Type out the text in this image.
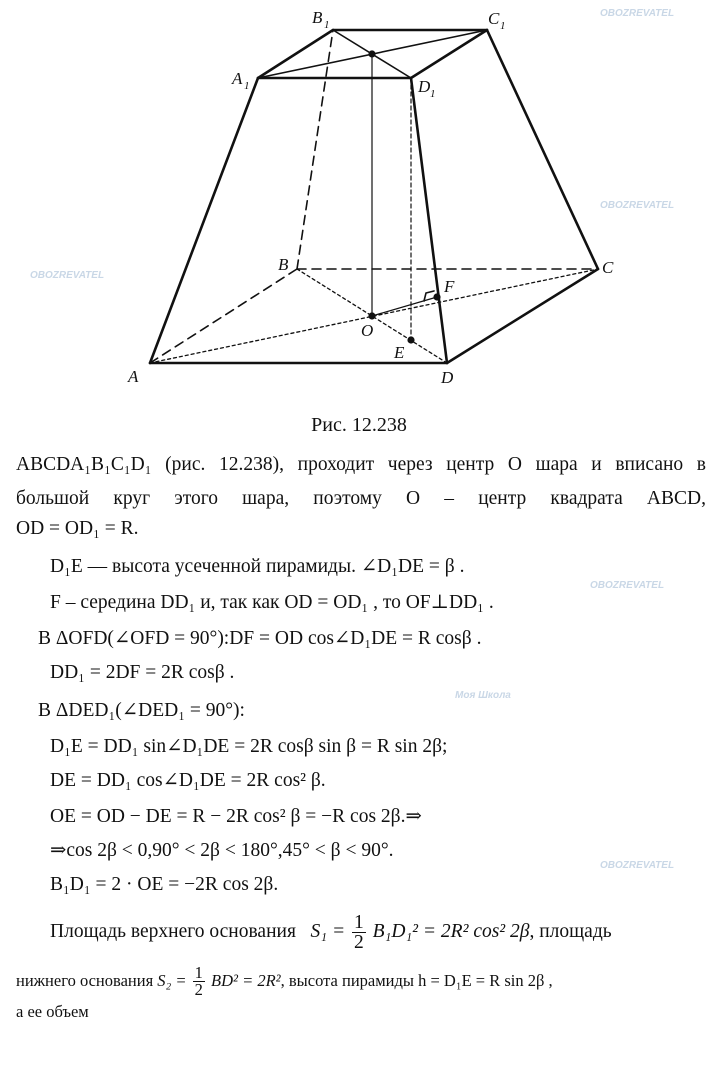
A
B	C
D
A 1
B 1	C 1
D 1
O
E
F
OBOZREVATEL
OBOZREVATEL
OBOZREVATEL
OBOZREVATEL
Моя Школа
OBOZREVATEL
Рис. 12.238
ABCDA₁B₁C₁D₁ (рис. 12.238), проходит через центр O шара и вписано в
большой круг этого шара, поэтому O – центр квадрата ABCD,
OD = OD₁ = R.
D₁E — высота усеченной пирамиды. ∠D₁DE = β .
F – середина DD₁ и, так как OD = OD₁ , то OF⊥DD₁ .
В ΔOFD(∠OFD = 90°):DF = OD cos∠D₁DE = R cosβ .
DD₁ = 2DF = 2R cosβ .
В ΔDED₁(∠DED₁ = 90°):
D₁E = DD₁ sin∠D₁DE = 2R cosβ sin β = R sin 2β;
DE = DD₁ cos∠D₁DE = 2R cos² β.
OE = OD − DE = R − 2R cos² β = −R cos 2β.⇒
⇒cos 2β < 0,90° < 2β < 180°,45° < β < 90°.
B₁D₁ = 2 · OE = −2R cos 2β.
Площадь верхнего основания $S_1 = \frac{1}{2} B_1D_1^2 = 2R^2$ cos² 2β, площадь
нижнего основания $S_2 = \frac{1}{2} BD^2 = 2R^2$, высота пирамиды h = D₁E = R sin 2β ,
а ее объем
